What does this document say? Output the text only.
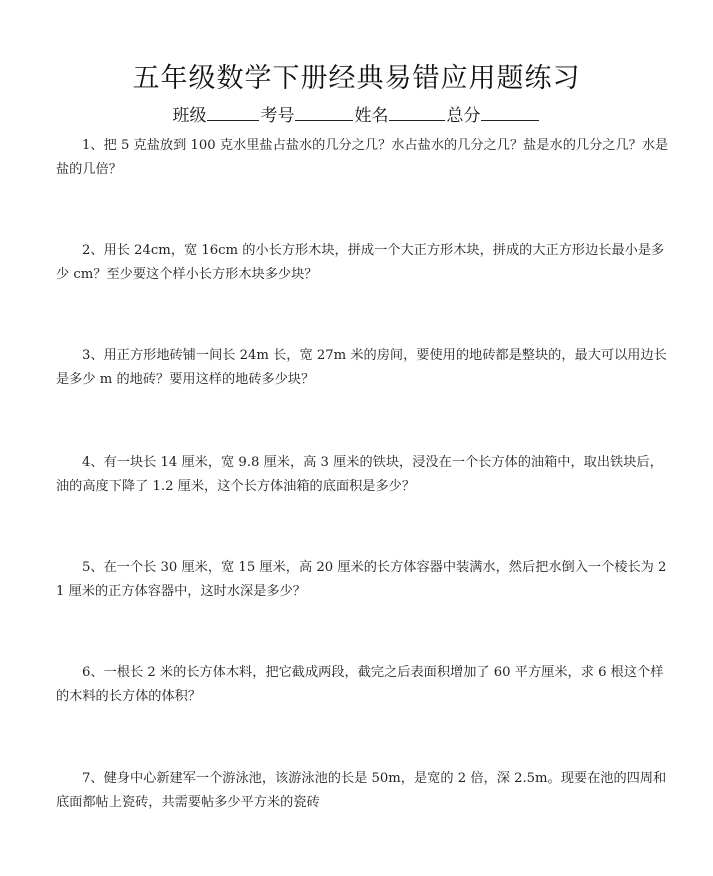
五年级数学下册经典易错应用题练习
班级	考号	姓名	总分
1、把 5 克盐放到 100 克水里盐占盐水的几分之几？水占盐水的几分之几？盐是水的几分之几？水是盐的几倍？
2、用长 24cm，宽 16cm 的小长方形木块，拼成一个大正方形木块，拼成的大正方形边长最小是多少 cm？至少要这个样小长方形木块多少块？
3、用正方形地砖铺一间长 24m 长，宽 27m 米的房间，要使用的地砖都是整块的，最大可以用边长是多少 m 的地砖？要用这样的地砖多少块？
4、有一块长 14 厘米，宽 9.8 厘米，高 3 厘米的铁块，浸没在一个长方体的油箱中，取出铁块后，油的高度下降了 1.2 厘米，这个长方体油箱的底面积是多少？
5、在一个长 30 厘米，宽 15 厘米，高 20 厘米的长方体容器中装满水，然后把水倒入一个棱长为 21 厘米的正方体容器中，这时水深是多少？
6、一根长 2 米的长方体木料，把它截成两段，截完之后表面积增加了 60 平方厘米，求 6 根这个样的木料的长方体的体积？
7、健身中心新建军一个游泳池，该游泳池的长是 50m，是宽的 2 倍，深 2.5m。现要在池的四周和底面都帖上瓷砖，共需要帖多少平方米的瓷砖
